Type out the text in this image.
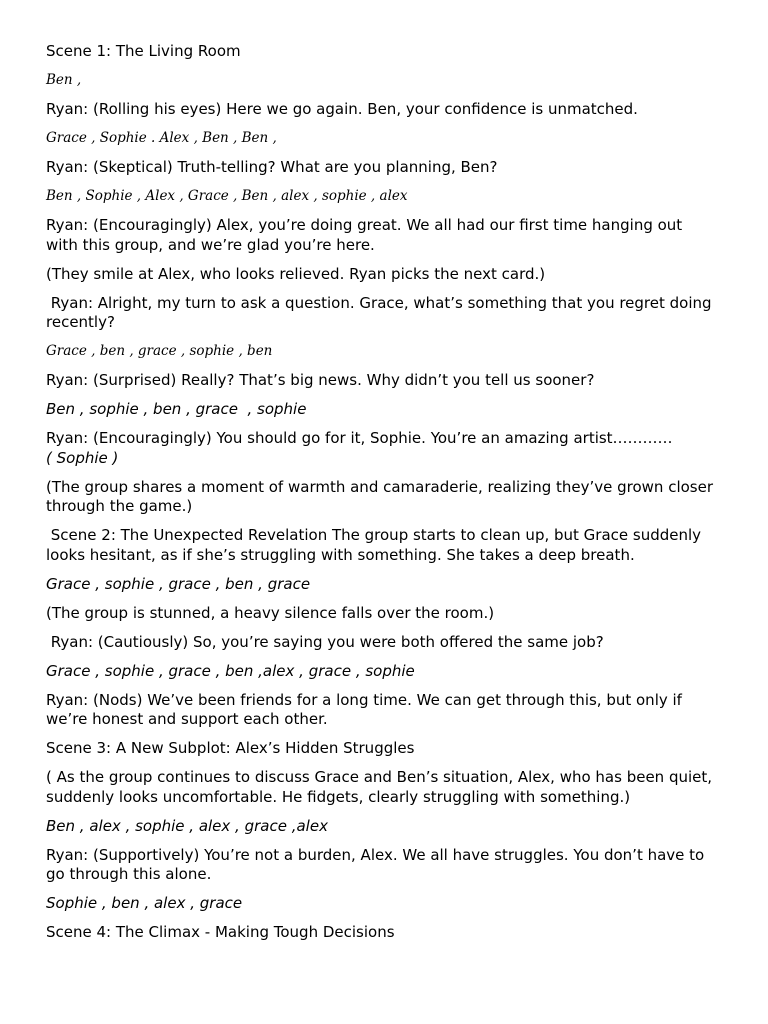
Scene 1: The Living Room
Ben ,
Ryan: (Rolling his eyes) Here we go again. Ben, your confidence is unmatched.
Grace , Sophie . Alex , Ben , Ben ,
Ryan: (Skeptical) Truth-telling? What are you planning, Ben?
Ben , Sophie , Alex , Grace , Ben , alex , sophie , alex
Ryan: (Encouragingly) Alex, you’re doing great. We all had our first time hanging out with this group, and we’re glad you’re here.
(They smile at Alex, who looks relieved. Ryan picks the next card.)
Ryan: Alright, my turn to ask a question. Grace, what’s something that you regret doing recently?
Grace , ben , grace , sophie , ben
Ryan: (Surprised) Really? That’s big news. Why didn’t you tell us sooner?
Ben , sophie , ben , grace  , sophie
Ryan: (Encouragingly) You should go for it, Sophie. You’re an amazing artist…………
( Sophie )
(The group shares a moment of warmth and camaraderie, realizing they’ve grown closer through the game.)
Scene 2: The Unexpected Revelation The group starts to clean up, but Grace suddenly looks hesitant, as if she’s struggling with something. She takes a deep breath.
Grace , sophie , grace , ben , grace
(The group is stunned, a heavy silence falls over the room.)
Ryan: (Cautiously) So, you’re saying you were both offered the same job?
Grace , sophie , grace , ben ,alex , grace , sophie
Ryan: (Nods) We’ve been friends for a long time. We can get through this, but only if we’re honest and support each other.
Scene 3: A New Subplot: Alex’s Hidden Struggles
( As the group continues to discuss Grace and Ben’s situation, Alex, who has been quiet, suddenly looks uncomfortable. He fidgets, clearly struggling with something.)
Ben , alex , sophie , alex , grace ,alex
Ryan: (Supportively) You’re not a burden, Alex. We all have struggles. You don’t have to go through this alone.
Sophie , ben , alex , grace
Scene 4: The Climax - Making Tough Decisions
